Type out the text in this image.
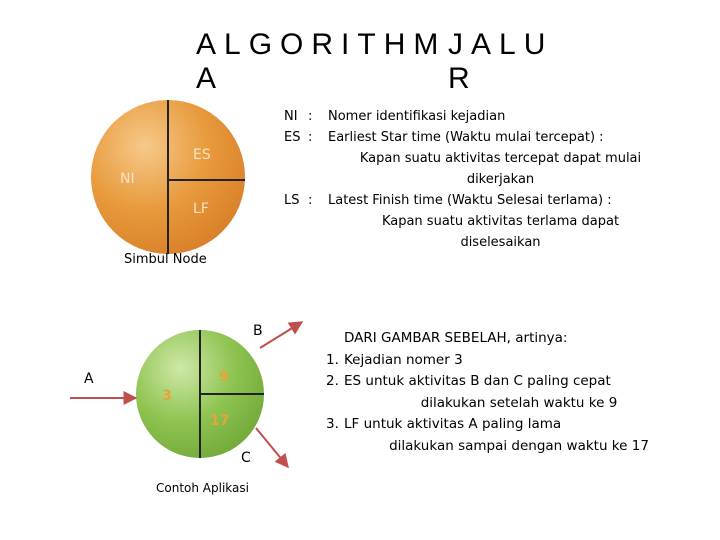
ALGORITHM
A
JALU
R
NI
ES
LF
3
9
17
NI :	Nomer identifikasi kejadian
ES :	Earliest Star time (Waktu mulai tercepat) :
Kapan suatu aktivitas tercepat dapat mulai
dikerjakan
LS :	Latest Finish time (Waktu Selesai terlama) :
Kapan suatu aktivitas terlama dapat
diselesaikan
Simbul Node
Contoh Aplikasi
A
B
C
DARI GAMBAR SEBELAH, artinya:
1. Kejadian nomer 3
2. ES untuk aktivitas B dan C paling cepat
dilakukan setelah waktu ke 9
3. LF untuk aktivitas A paling lama
dilakukan sampai dengan waktu ke 17
